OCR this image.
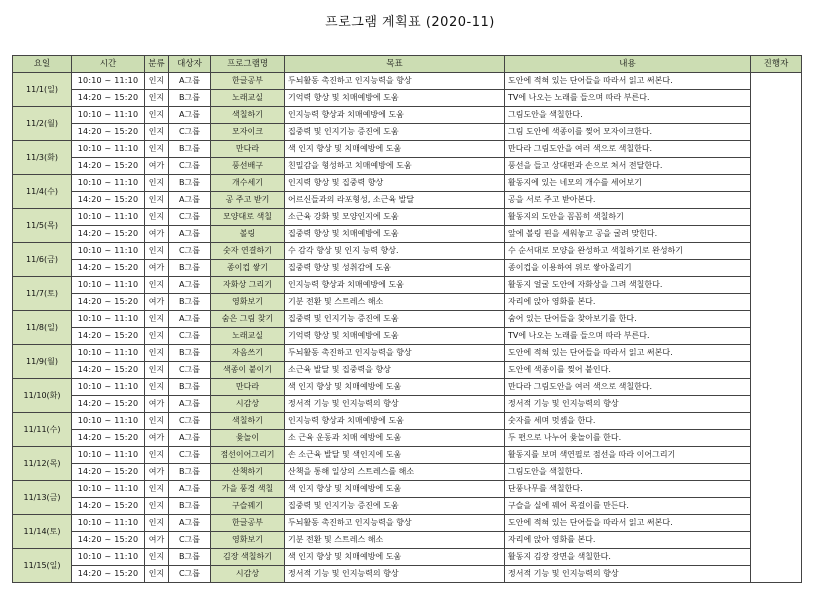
프로그램 계획표 (2020-11)
요일	시간	분류	대상자	프로그램명	목표	내용	진행자
11/1(일)	10:10 ~ 11:10	인지	A그룹	한글공부	두뇌활동 촉진하고 인지능력을 향상	도안에 적혀 있는 단어들을 따라서 읽고 써본다.	
	14:20 ~ 15:20	인지	B그룹	노래교실	기억력 향상 및 치매예방에 도움	TV에 나오는 노래를 들으며 따라 부른다.	
11/2(월)	10:10 ~ 11:10	인지	A그룹	색칠하기	인지능력 향상과 치매예방에 도움	그림도안을 색칠한다.	
	14:20 ~ 15:20	인지	C그룹	모자이크	집중력 및 인지기능 증진에 도움	그림 도안에 색종이를 찢어 모자이크한다.	
11/3(화)	10:10 ~ 11:10	인지	B그룹	만다라	색 인지 향상 및 치매예방에 도움	만다라 그림도안을 여러 색으로 색칠한다.	
	14:20 ~ 15:20	여가	C그룹	풍선배구	친밀감을 형성하고 치매예방에 도움	풍선을 들고 상대편과 손으로 쳐서 전달한다.	
11/4(수)	10:10 ~ 11:10	인지	B그룹	개수세기	인지력 향상 및 집중력 향상	활동지에 있는 네모의 개수를 세어보기	
	14:20 ~ 15:20	인지	A그룹	공 주고 받기	어르신들과의 라포형성, 소근육 발달	공을 서로 주고 받아본다.	
11/5(목)	10:10 ~ 11:10	인지	C그룹	모양대로 색칠	소근육 강화 및 모양인지에 도움	활동지의 도안을 꼼꼼히 색칠하기	
	14:20 ~ 15:20	여가	A그룹	볼링	집중력 향상 및 치매예방에 도움	앞에 볼링 핀을 세워놓고 공을 굴려 맞힌다.	
11/6(금)	10:10 ~ 11:10	인지	C그룹	숫자 연결하기	수 감각 향상 및 인지 능력 향상.	수 순서대로 모양을 완성하고 색칠하기로 완성하기	
	14:20 ~ 15:20	여가	B그룹	종이컵 쌓기	집중력 향상 및 성취감에 도움	종이컵을 이용하여 위로 쌓아올리기	
11/7(토)	10:10 ~ 11:10	인지	A그룹	자화상 그리기	인지능력 향상과 치매예방에 도움	활동지 얼굴 도안에 자화상을 그려 색칠한다.	
	14:20 ~ 15:20	여가	B그룹	영화보기	기분 전환 및 스트레스 해소	자리에 앉아 영화를 본다.	
11/8(일)	10:10 ~ 11:10	인지	A그룹	숨은 그림 찾기	집중력 및 인지기능 증진에 도움	숨어 있는 단어들을 찾아보기를 한다.	
	14:20 ~ 15:20	인지	C그룹	노래교실	기억력 향상 및 치매예방에 도움	TV에 나오는 노래를 들으며 따라 부른다.	
11/9(월)	10:10 ~ 11:10	인지	B그룹	자음쓰기	두뇌활동 촉진하고 인지능력을 향상	도안에 적혀 있는 단어들을 따라서 읽고 써본다.	
	14:20 ~ 15:20	인지	C그룹	색종이 붙이기	소근육 발달 및 집중력을 향상	도안에 색종이를 찢어 붙인다.	
11/10(화)	10:10 ~ 11:10	인지	B그룹	만다라	색 인지 향상 및 치매예방에 도움	만다라 그림도안을 여러 색으로 색칠한다.	
	14:20 ~ 15:20	여가	A그룹	시감상	정서적 기능 및 인지능력의 향상	정서적 기능 및 인지능력의 향상	
11/11(수)	10:10 ~ 11:10	인지	C그룹	색칠하기	인지능력 향상과 치매예방에 도움	숫자를 세며 멋셈을 한다.	
	14:20 ~ 15:20	여가	A그룹	윷놀이	소 근육 운동과 치매 예방에 도움	두 편으로 나누어 윷놀이를 한다.	
11/12(목)	10:10 ~ 11:10	인지	C그룹	점선이어그리기	손 소근육 발달 및 색인지에 도움	활동지를 보며 색연필로 점선을 따라 이어그리기	
	14:20 ~ 15:20	여가	B그룹	산책하기	산책을 통해 일상의 스트레스를 해소	그림도안을 색칠한다.	
11/13(금)	10:10 ~ 11:10	인지	A그룹	가을 풍경 색칠	색 인지 향상 및 치매예방에 도움	단풍나무를 색칠한다.	
	14:20 ~ 15:20	인지	B그룹	구슬꿰기	집중력 및 인지기능 증진에 도움	구슬을 실에 꿰어 목걸이를 만든다.	
11/14(토)	10:10 ~ 11:10	인지	A그룹	한글공부	두뇌활동 촉진하고 인지능력을 향상	도안에 적혀 있는 단어들을 따라서 읽고 써본다.	
	14:20 ~ 15:20	여가	C그룹	영화보기	기분 전환 및 스트레스 해소	자리에 앉아 영화를 본다.	
11/15(일)	10:10 ~ 11:10	인지	B그룹	김장 색칠하기	색 인지 향상 및 치매예방에 도움	활동지 김장 장면을 색칠한다.	
	14:20 ~ 15:20	인지	C그룹	시감상	정서적 기능 및 인지능력의 향상	정서적 기능 및 인지능력의 향상	
